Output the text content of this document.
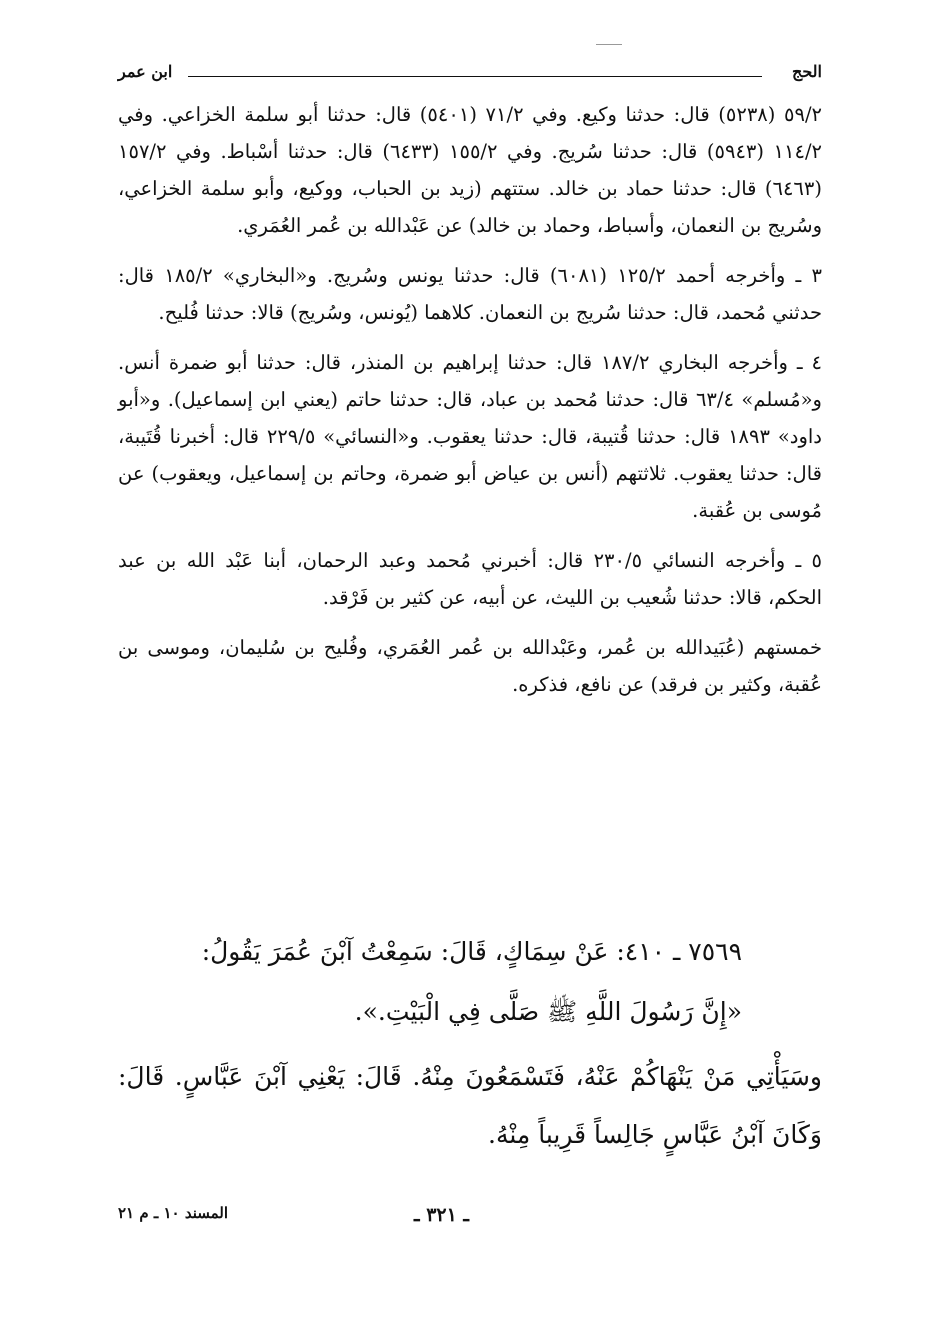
الحج
ابن عمر

٥٩/٢ (٥٢٣٨) قال: حدثنا وكيع. وفي ٧١/٢ (٥٤٠١) قال: حدثنا أبو سلمة الخزاعي. وفي ١١٤/٢ (٥٩٤٣) قال: حدثنا سُريج. وفي ١٥٥/٢ (٦٤٣٣) قال: حدثنا أسْباط. وفي ١٥٧/٢ (٦٤٦٣) قال: حدثنا حماد بن خالد. ستتهم (زيد بن الحباب، ووكيع، وأبو سلمة الخزاعي، وسُريج بن النعمان، وأسباط، وحماد بن خالد) عن عَبْدالله بن عُمر العُمَري.

٣ ـ وأخرجه أحمد ١٢٥/٢ (٦٠٨١) قال: حدثنا يونس وسُريج. و«البخاري» ١٨٥/٢ قال: حدثني مُحمد، قال: حدثنا سُريج بن النعمان. كلاهما (يُونس، وسُريج) قالا: حدثنا فُليح.

٤ ـ وأخرجه البخاري ١٨٧/٢ قال: حدثنا إبراهيم بن المنذر، قال: حدثنا أبو ضمرة أنس. و«مُسلم» ٦٣/٤ قال: حدثنا مُحمد بن عباد، قال: حدثنا حاتم (يعني ابن إسماعيل). و«أبو داود» ١٨٩٣ قال: حدثنا قُتيبة، قال: حدثنا يعقوب. و«النسائي» ٢٢٩/٥ قال: أخبرنا قُتَيبة، قال: حدثنا يعقوب. ثلاثتهم (أنس بن عياض أبو ضمرة، وحاتم بن إسماعيل، ويعقوب) عن مُوسى بن عُقبة.

٥ ـ وأخرجه النسائي ٢٣٠/٥ قال: أخبرني مُحمد وعبد الرحمان، أبنا عَبْد الله بن عبد الحكم، قالا: حدثنا شُعيب بن الليث، عن أبيه، عن كثير بن فَرْقد.

خمستهم (عُبَيدالله بن عُمر، وعَبْدالله بن عُمر العُمَري، وفُليح بن سُليمان، وموسى بن عُقبة، وكثير بن فرقد) عن نافع، فذكره.

٧٥٦٩ ـ ٤١٠: عَنْ سِمَاكٍ، قَالَ: سَمِعْتُ آبْنَ عُمَرَ يَقُولُ:

«إِنَّ رَسُولَ اللَّهِ ﷺ صَلَّى فِي الْبَيْتِ.».

وسَيَأْتِي مَنْ يَنْهَاكُمْ عَنْهُ، فَتَسْمَعُونَ مِنْهُ. قَالَ: يَعْنِي آبْنَ عَبَّاسٍ. قَالَ: وَكَانَ آبْنُ عَبَّاسٍ جَالِساً قَرِيباً مِنْهُ.

ـ ٣٢١ ـ
المسند ١٠ ـ م ٢١
